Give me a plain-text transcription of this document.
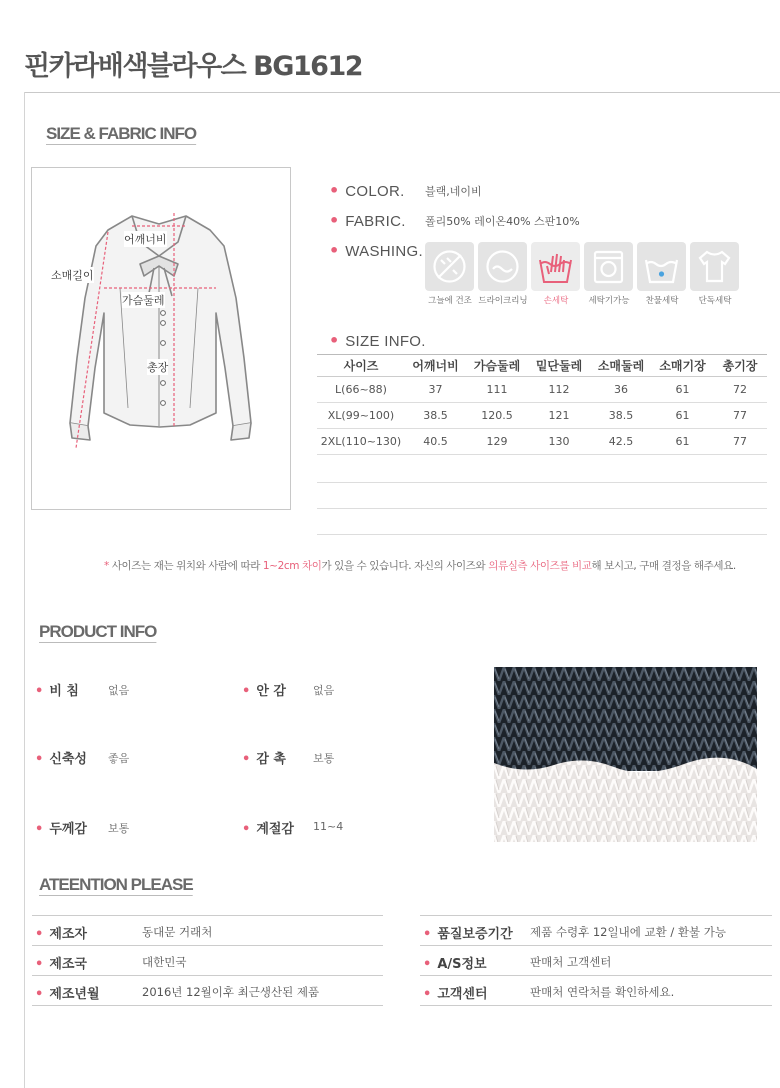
핀카라배색블라우스 BG1612
SIZE & FABRIC INFO
어깨너비
소매길이
가슴둘레
총장
• COLOR. 블랙,네이비
• FABRIC. 폴리50% 레이온40% 스판10%
• WASHING.
그늘에 건조 드라이크리닝	손세탁	세탁기가능	찬물세탁	단독세탁
• SIZE INFO.
사이즈	어깨너비	가슴둘레	밑단둘레	소매둘레	소매기장	총기장
L(66~88)	37	111	112	36	61	72
XL(99~100)	38.5	120.5	121	38.5	61	77
2XL(110~130)	40.5	129	130	42.5	61	77
* 사이즈는 재는 위치와 사람에 따라 1~2cm 차이가 있을 수 있습니다. 자신의 사이즈와 의류실측 사이즈를 비교해 보시고, 구매 결정을 해주세요.
PRODUCT INFO
• 비 침	없음	• 안 감 없음
• 신축성 좋음	• 감 촉 보통
• 두께감 보통	• 계절감 11~4
ATEENTION PLEASE
• 제조자	동대문 거래처
• 제조국	대한민국
• 제조년월	2016년 12월이후 최근생산된 제품
• 품질보증기간 제품 수령후 12일내에 교환 / 환불 가능
• A/S정보	판매처 고객센터
• 고객센터	판매처 연락처를 확인하세요.
